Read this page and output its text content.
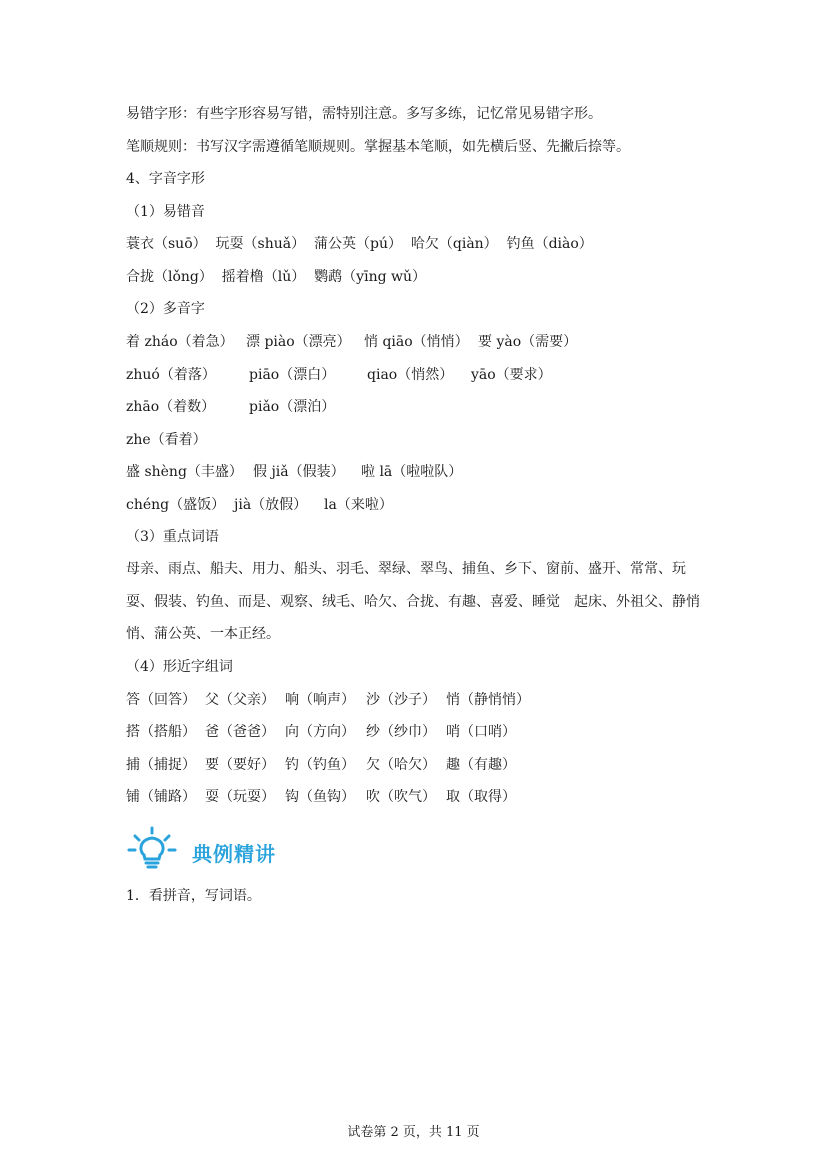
易错字形：有些字形容易写错，需特别注意。多写多练，记忆常见易错字形。
笔顺规则：书写汉字需遵循笔顺规则。掌握基本笔顺，如先横后竖、先撇后捺等。
4、字音字形
（1）易错音
蓑衣（suō）  玩耍（shuǎ）  蒲公英（pú）  哈欠（qiàn）  钓鱼（diào）
合拢（lǒng）  摇着橹（lǔ）  鹦鹉（yīng wǔ）
（2）多音字
着 zháo（着急） 漂 piào（漂亮） 悄 qiāo（悄悄） 要 yào（需要）
zhuó（着落） piāo（漂白） qiao（悄然） yāo（要求）
zhāo（着数） piǎo（漂泊）
zhe（看着）
盛 shèng（丰盛） 假 jiǎ（假装） 啦 lā（啦啦队）
chéng（盛饭） jià（放假） la（来啦）
（3）重点词语
母亲、雨点、船夫、用力、船头、羽毛、翠绿、翠鸟、捕鱼、乡下、窗前、盛开、常常、玩耍、假装、钓鱼、而是、观察、绒毛、哈欠、合拢、有趣、喜爱、睡觉　起床、外祖父、静悄悄、蒲公英、一本正经。
（4）形近字组词
答（回答） 父（父亲） 响（响声） 沙（沙子） 悄（静悄悄）
搭（搭船） 爸（爸爸） 向（方向） 纱（纱巾） 哨（口哨）
捕（捕捉） 要（要好） 钓（钓鱼） 欠（哈欠） 趣（有趣）
铺（铺路） 耍（玩耍） 钩（鱼钩） 吹（吹气） 取（取得）
典例精讲
1．看拼音，写词语。
试卷第 2 页，共 11 页
